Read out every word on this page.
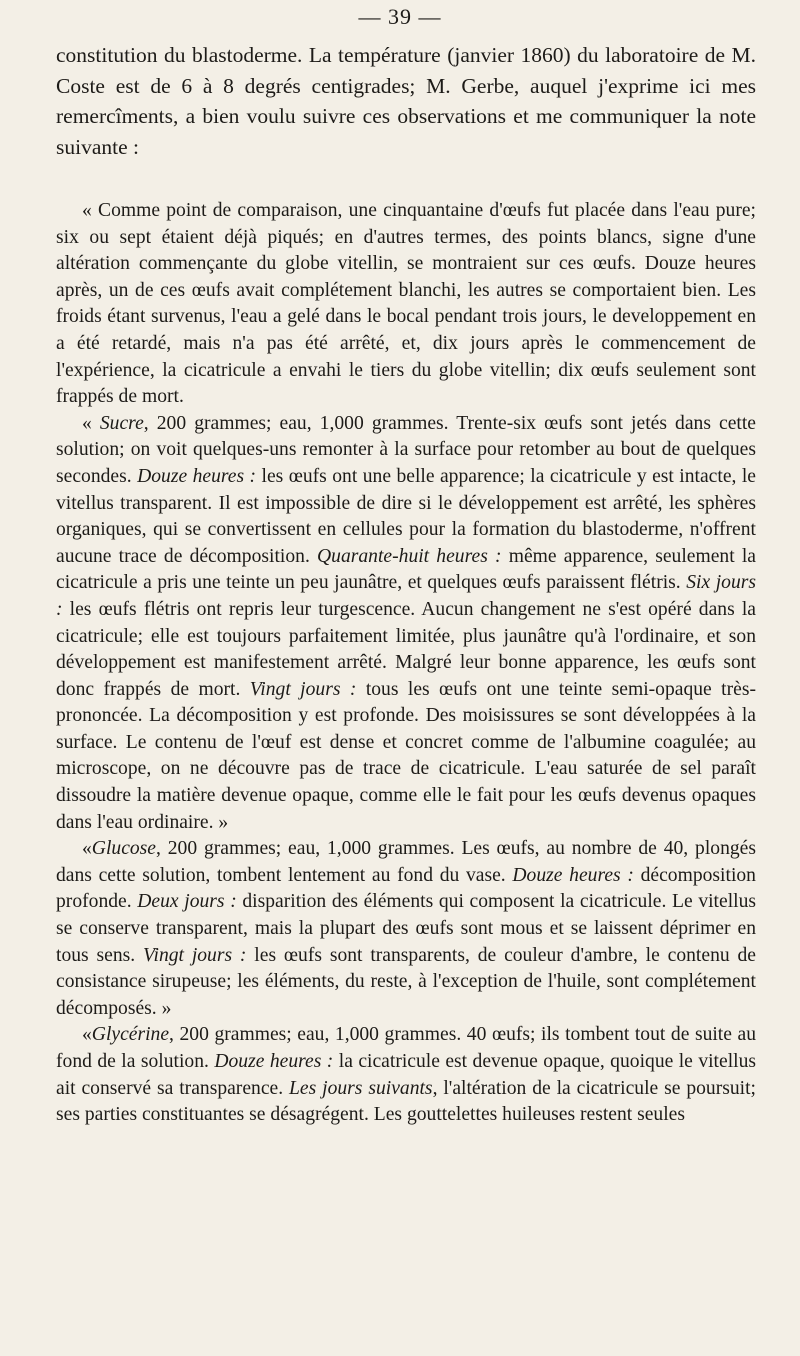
— 39 —

constitution du blastoderme. La température (janvier 1860) du laboratoire de M. Coste est de 6 à 8 degrés centigrades; M. Gerbe, auquel j'exprime ici mes remercîments, a bien voulu suivre ces observations et me communiquer la note suivante :

« Comme point de comparaison, une cinquantaine d'œufs fut placée dans l'eau pure; six ou sept étaient déjà piqués; en d'autres termes, des points blancs, signe d'une altération commençante du globe vitellin, se montraient sur ces œufs. Douze heures après, un de ces œufs avait complétement blanchi, les autres se comportaient bien. Les froids étant survenus, l'eau a gelé dans le bocal pendant trois jours, le developpement en a été retardé, mais n'a pas été arrêté, et, dix jours après le commencement de l'expérience, la cicatricule a envahi le tiers du globe vitellin; dix œufs seulement sont frappés de mort.

« Sucre, 200 grammes; eau, 1,000 grammes. Trente-six œufs sont jetés dans cette solution; on voit quelques-uns remonter à la surface pour retomber au bout de quelques secondes. Douze heures : les œufs ont une belle apparence; la cicatricule y est intacte, le vitellus transparent. Il est impossible de dire si le développement est arrêté, les sphères organiques, qui se convertissent en cellules pour la formation du blastoderme, n'offrent aucune trace de décomposition. Quarante-huit heures : même apparence, seulement la cicatricule a pris une teinte un peu jaunâtre, et quelques œufs paraissent flétris. Six jours : les œufs flétris ont repris leur turgescence. Aucun changement ne s'est opéré dans la cicatricule; elle est toujours parfaitement limitée, plus jaunâtre qu'à l'ordinaire, et son développement est manifestement arrêté. Malgré leur bonne apparence, les œufs sont donc frappés de mort. Vingt jours : tous les œufs ont une teinte semi-opaque très-prononcée. La décomposition y est profonde. Des moisissures se sont développées à la surface. Le contenu de l'œuf est dense et concret comme de l'albumine coagulée; au microscope, on ne découvre pas de trace de cicatricule. L'eau saturée de sel paraît dissoudre la matière devenue opaque, comme elle le fait pour les œufs devenus opaques dans l'eau ordinaire. »

«Glucose, 200 grammes; eau, 1,000 grammes. Les œufs, au nombre de 40, plongés dans cette solution, tombent lentement au fond du vase. Douze heures : décomposition profonde. Deux jours : disparition des éléments qui composent la cicatricule. Le vitellus se conserve transparent, mais la plupart des œufs sont mous et se laissent déprimer en tous sens. Vingt jours : les œufs sont transparents, de couleur d'ambre, le contenu de consistance sirupeuse; les éléments, du reste, à l'exception de l'huile, sont complétement décomposés. »

«Glycérine, 200 grammes; eau, 1,000 grammes. 40 œufs; ils tombent tout de suite au fond de la solution. Douze heures : la cicatricule est devenue opaque, quoique le vitellus ait conservé sa transparence. Les jours suivants, l'altération de la cicatricule se poursuit; ses parties constituantes se désagrégent. Les gouttelettes huileuses restent seules
